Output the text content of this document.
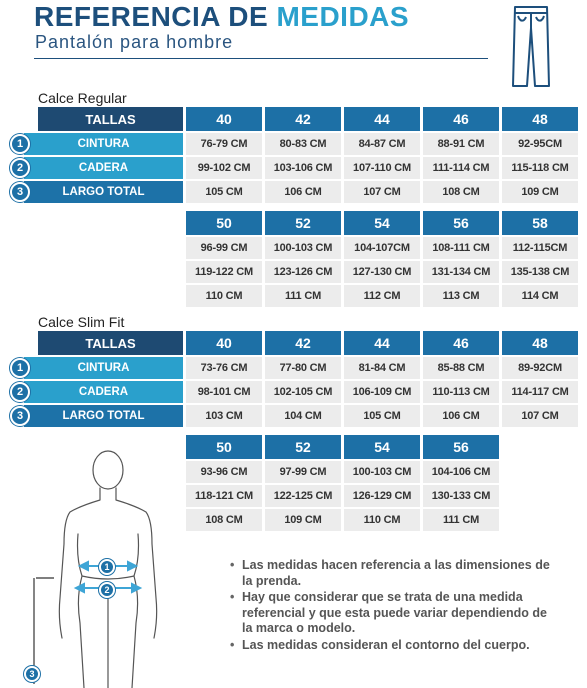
REFERENCIA DE MEDIDAS
Pantalón para hombre
Calce Regular
Calce Slim Fit
TALLAS
CINTURA
1
CADERA
2
LARGO TOTAL
3
40
76-79 CM
99-102 CM
105 CM
42
80-83 CM
103-106 CM
106 CM
44
84-87 CM
107-110 CM
107 CM
46
88-91 CM
111-114 CM
108 CM
48
92-95CM
115-118 CM
109 CM
50
96-99 CM
119-122 CM
110 CM
52
100-103 CM
123-126 CM
111 CM
54
104-107CM
127-130 CM
112 CM
56
108-111 CM
131-134 CM
113 CM
58
112-115CM
135-138 CM
114 CM
TALLAS
CINTURA
1
CADERA
2
LARGO TOTAL
3
40
73-76 CM
98-101 CM
103 CM
42
77-80 CM
102-105 CM
104 CM
44
81-84 CM
106-109 CM
105 CM
46
85-88 CM
110-113 CM
106 CM
48
89-92CM
114-117 CM
107 CM
50
93-96 CM
118-121 CM
108 CM
52
97-99 CM
122-125 CM
109 CM
54
100-103 CM
126-129 CM
110 CM
56
104-106 CM
130-133 CM
111 CM
1
2
3
• Las medidas hacen referencia a las dimensiones de la prenda.
• Hay que considerar que se trata de una medida referencial y que esta puede variar dependiendo de la marca o modelo.
• Las medidas consideran el contorno del cuerpo.
